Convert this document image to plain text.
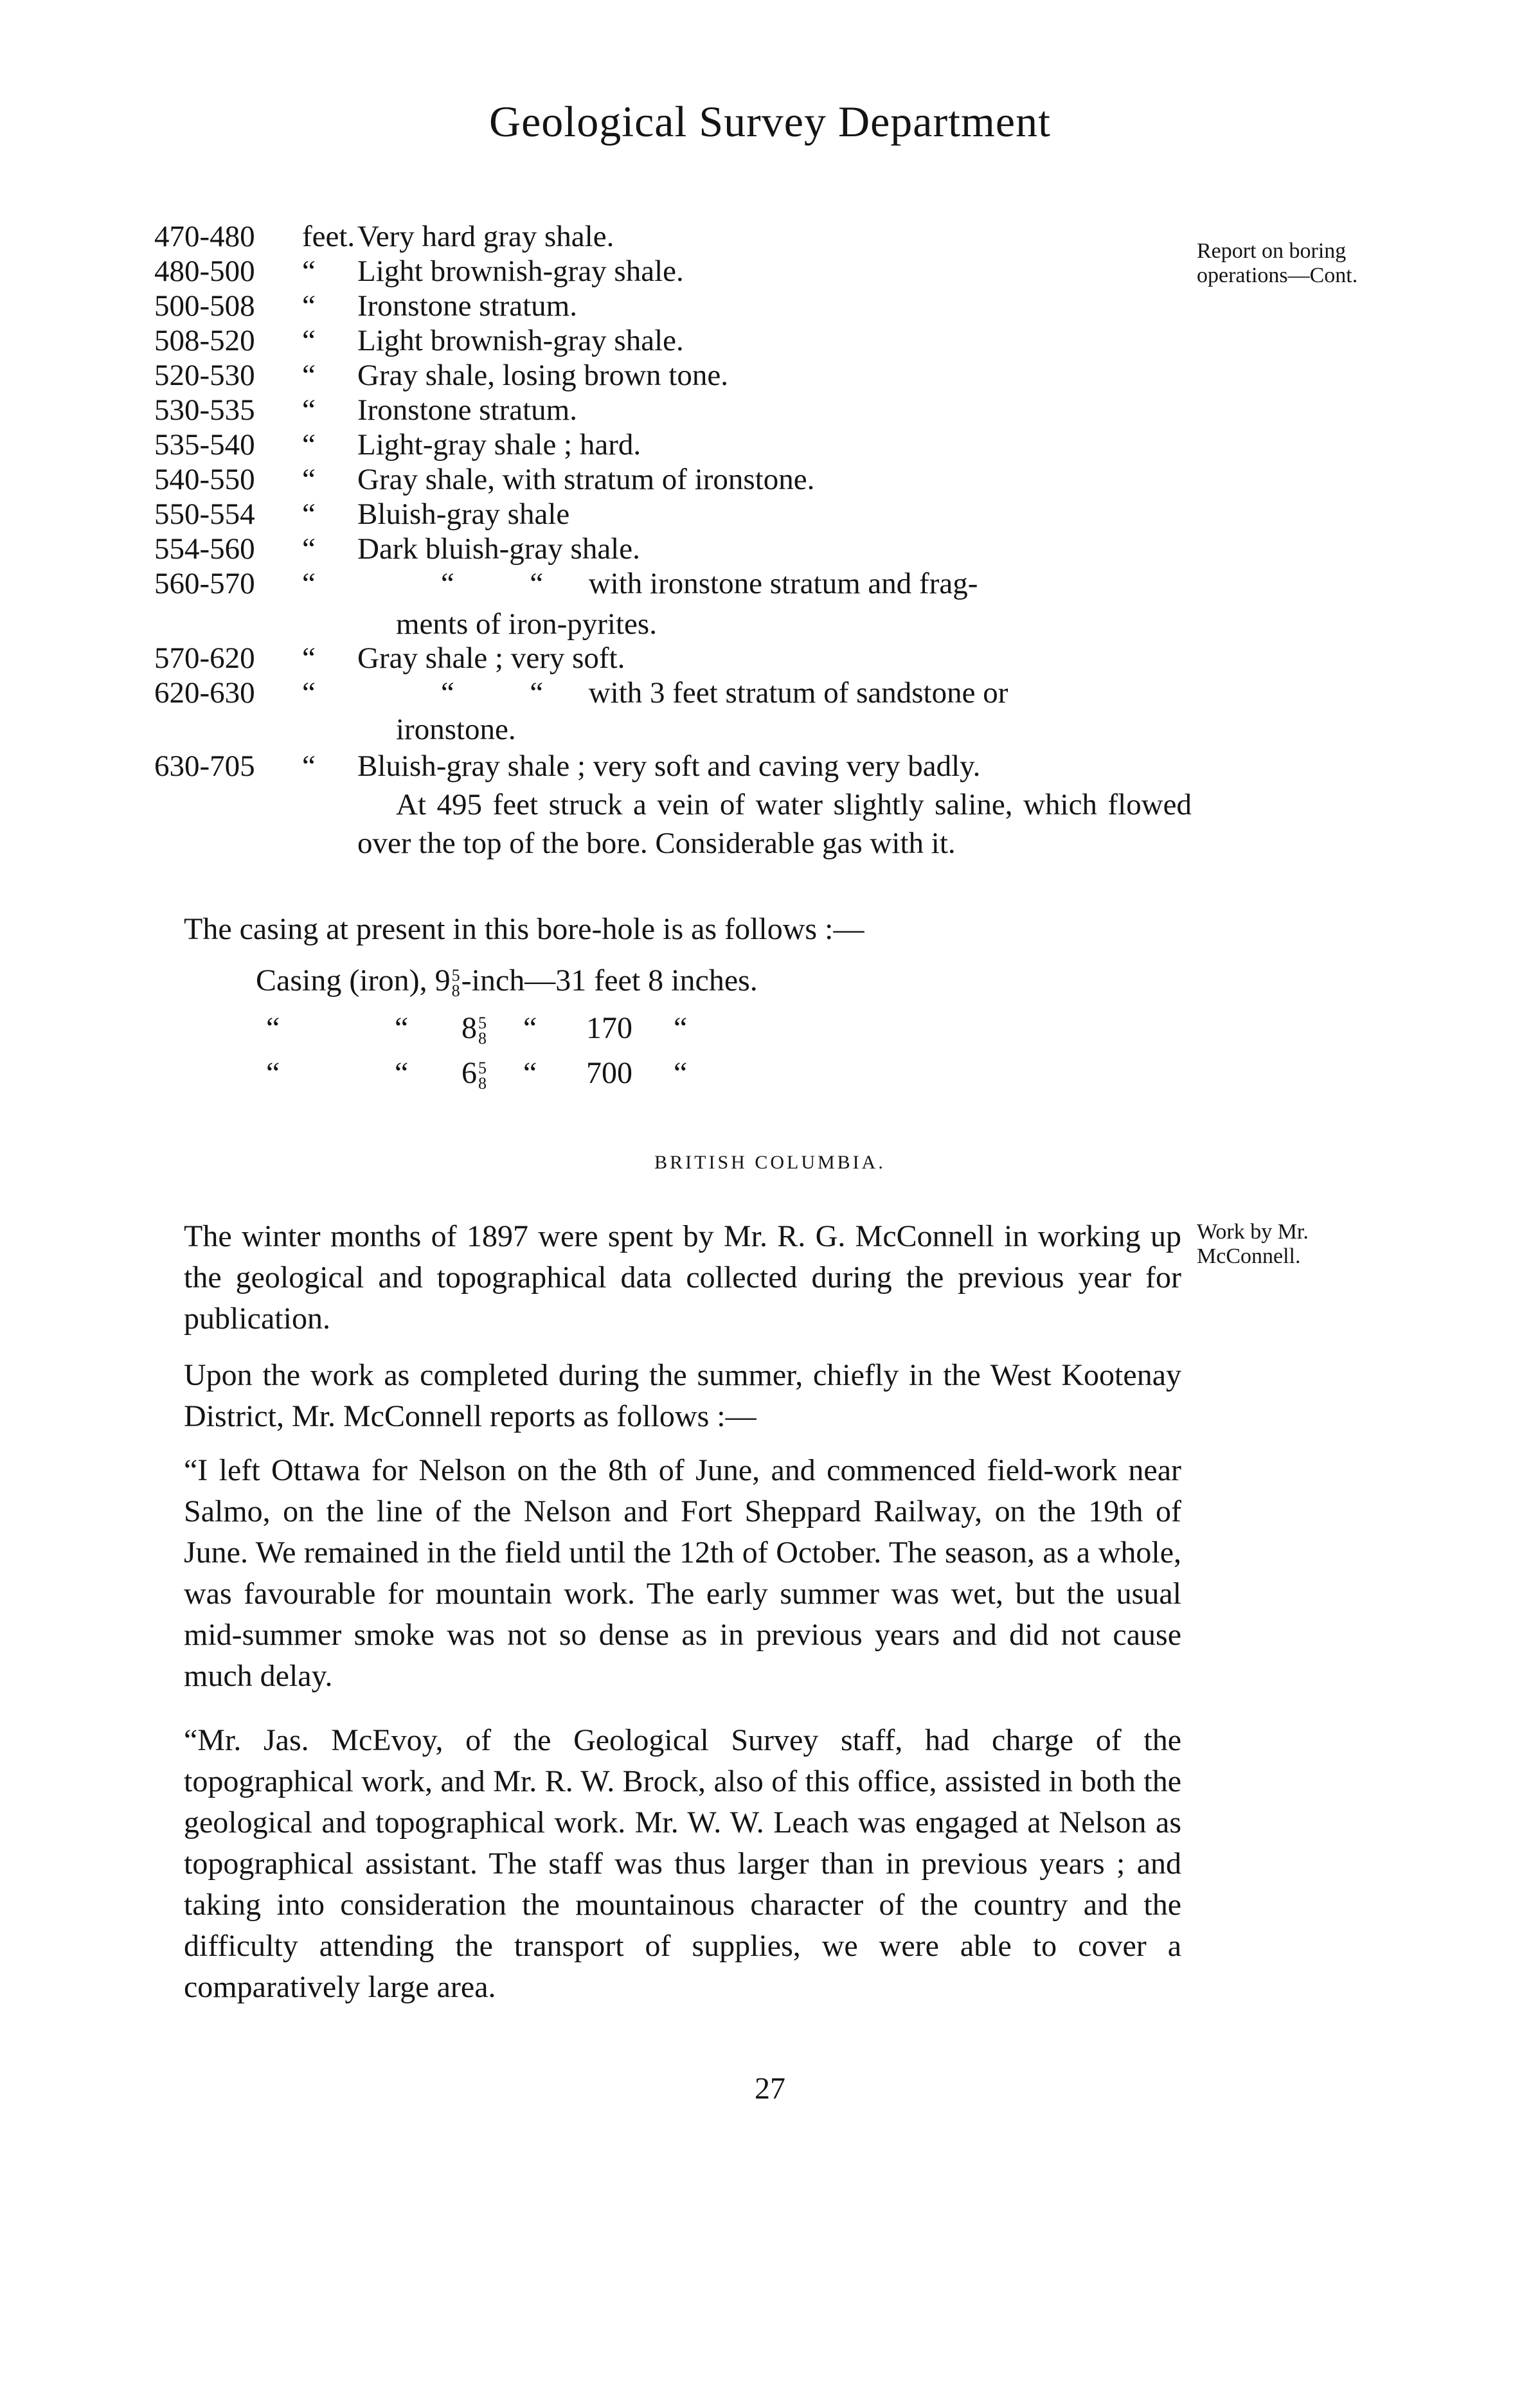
Geological Survey Department
Report on boring operations—Cont.
Work by Mr. McConnell.
470-480 feet. Very hard gray shale.
480-500 “ Light brownish-gray shale.
500-508 “ Ironstone stratum.
508-520 “ Light brownish-gray shale.
520-530 “ Gray shale, losing brown tone.
530-535 “ Ironstone stratum.
535-540 “ Light-gray shale ; hard.
540-550 “ Gray shale, with stratum of ironstone.
550-554 “ Bluish-gray shale
554-560 “ Dark bluish-gray shale.
560-570 “	“          “      with ironstone stratum and frag-
ments of iron-pyrites.
570-620 “ Gray shale ; very soft.
620-630 “	“          “      with 3 feet stratum of sandstone or
ironstone.
630-705 “ Bluish-gray shale ; very soft and caving very badly.
At 495 feet struck a vein of water slightly saline, which flowed over the top of the bore. Considerable gas with it.
The casing at present in this bore-hole is as follows :—
Casing (iron), 9 5
8 -inch—31 feet 8 inches.
“	“ 8 5
8 “ 170 “
“	“ 6 5
8 “ 700 “
BRITISH COLUMBIA.
The winter months of 1897 were spent by Mr. R. G. McConnell in working up the geological and topographical data collected during the previous year for publication.
Upon the work as completed during the summer, chiefly in the West Kootenay District, Mr. McConnell reports as follows :—
“I left Ottawa for Nelson on the 8th of June, and commenced field-work near Salmo, on the line of the Nelson and Fort Sheppard Railway, on the 19th of June. We remained in the field until the 12th of October. The season, as a whole, was favourable for mountain work. The early summer was wet, but the usual mid-summer smoke was not so dense as in previous years and did not cause much delay.
“Mr. Jas. McEvoy, of the Geological Survey staff, had charge of the topographical work, and Mr. R. W. Brock, also of this office, assisted in both the geological and topographical work. Mr. W. W. Leach was engaged at Nelson as topographical assistant. The staff was thus larger than in previous years ; and taking into consideration the mountainous character of the country and the difficulty attending the transport of supplies, we were able to cover a comparatively large area.
27
